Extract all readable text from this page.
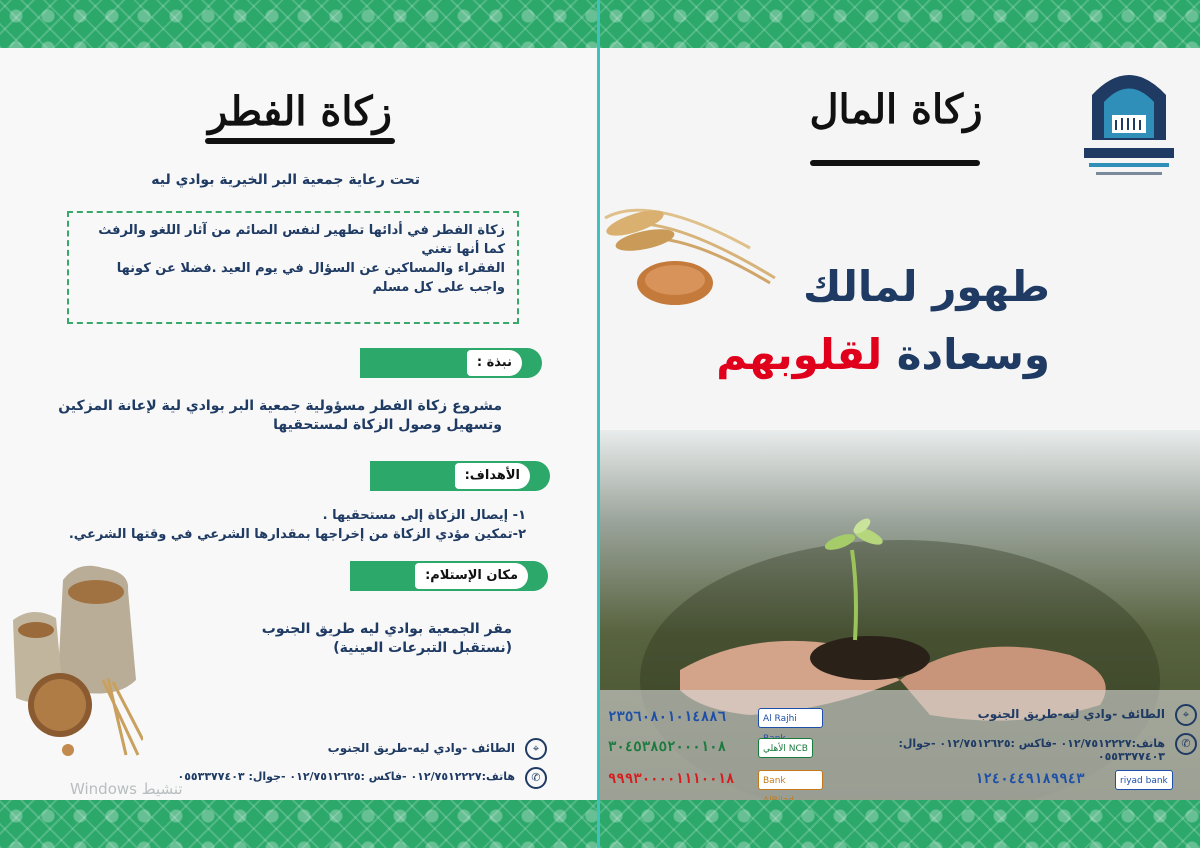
زكاة الفطر
تحت رعاية جمعية البر الخيرية بوادي ليه
زكاة الفطر في أدائها تطهير لنفس الصائم من آثار اللغو والرفث
كما أنها تغني
الفقراء والمساكين عن السؤال في يوم العيد .فضلا عن كونها
واجب على كل مسلم
نبذة :
مشروع زكاة الفطر مسؤولية جمعية البر بوادي لية لإعانة المزكين
وتسهيل وصول الزكاة لمستحقيها
الأهداف:
١- إيصال الزكاة إلى مستحقيها .
٢-تمكين مؤدي الزكاة من إخراجها بمقدارها الشرعي في وقتها الشرعي.
مكان الإستلام:
مقر الجمعية بوادي ليه طريق الجنوب
(نستقبل التبرعات العينية)
⌖
الطائف -وادي ليه-طريق الجنوب
✆
هاتف:٠١٢/٧٥١٢٢٢٧ -فاكس :٠١٢/٧٥١٢٦٢٥ -جوال: ٠٥٥٣٣٧٧٤٠٣
Windows تنشيط
زكاة المال
طهور لمالك
وسعادة لقلوبهم
⌖
الطائف -وادي ليه-طريق الجنوب
✆
هاتف:٠١٢/٧٥١٢٢٢٧ -فاكس :٠١٢/٧٥١٢٦٢٥ -جوال: ٠٥٥٣٣٧٧٤٠٣
٢٣٥٦٠٨٠١٠١٤٨٨٦	Al Rajhi
٣٠٤٥٣٨٥٢٠٠٠١٠٨	الأهلي NCB
٩٩٩٣٠٠٠٠١١١٠٠١٨	Bank	١٢٤٠٤٤٩١٨٩٩٤٣	riyad bank
